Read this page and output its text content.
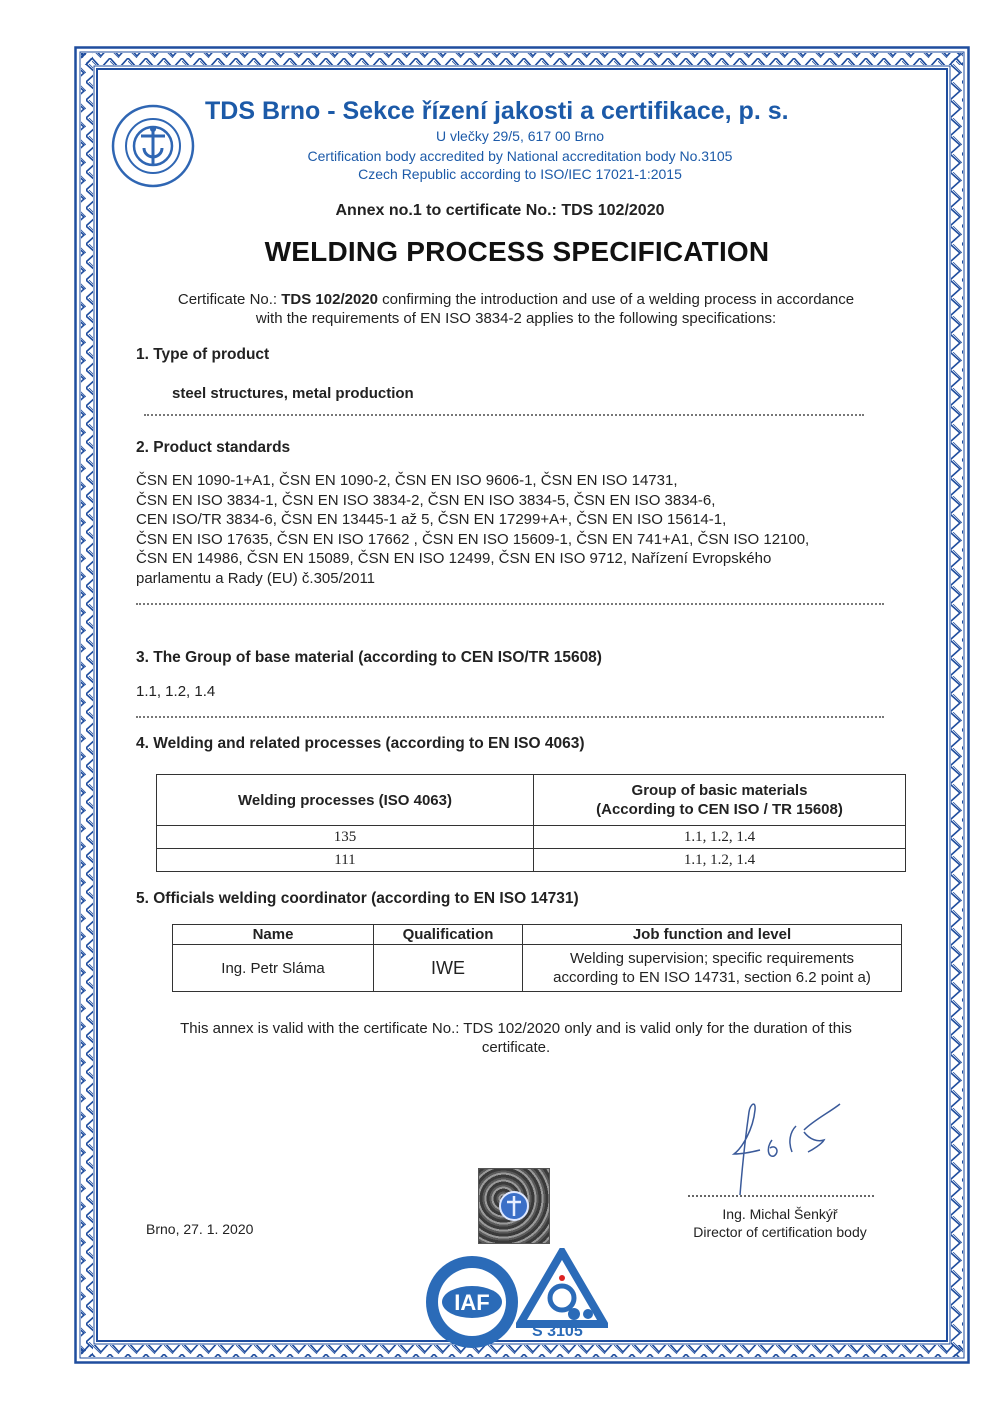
TDS Brno - Sekce řízení jakosti a certifikace, p. s.
U vlečky 29/5, 617 00 Brno
Certification body accredited by National accreditation body No.3105
Czech Republic according to ISO/IEC 17021-1:2015
Annex no.1 to certificate No.: TDS 102/2020
WELDING PROCESS SPECIFICATION
Certificate No.: TDS 102/2020 confirming the introduction and use of a welding process in accordance
with the requirements of EN ISO 3834-2 applies to the following specifications:
1. Type of product
steel structures, metal production
2. Product standards
ČSN EN 1090-1+A1, ČSN EN 1090-2, ČSN EN ISO 9606-1, ČSN EN ISO 14731,
ČSN EN ISO 3834-1, ČSN EN ISO 3834-2, ČSN EN ISO 3834-5, ČSN EN ISO 3834-6,
CEN ISO/TR 3834-6, ČSN EN 13445-1 až 5, ČSN EN 17299+A+, ČSN EN ISO 15614-1,
ČSN EN ISO 17635, ČSN EN ISO 17662 , ČSN EN ISO 15609-1, ČSN EN 741+A1, ČSN ISO 12100,
ČSN EN 14986, ČSN EN 15089, ČSN EN ISO 12499, ČSN EN ISO 9712, Nařízení Evropského
parlamentu a Rady (EU) č.305/2011
3. The Group of base material (according to CEN ISO/TR 15608)
1.1, 1.2, 1.4
4. Welding and related processes (according to EN ISO 4063)
Welding processes (ISO 4063)	Group of basic materials
(According to CEN ISO / TR 15608)
135	1.1, 1.2, 1.4
111	1.1, 1.2, 1.4
5. Officials welding coordinator (according to EN ISO 14731)
Name	Qualification	Job function and level
Ing. Petr Sláma	IWE	Welding supervision; specific requirements
according to EN ISO 14731, section 6.2 point a)
This annex is valid with the certificate No.: TDS 102/2020 only and is valid only for the duration of this
certificate.
Ing. Michal Šenkýř
Director of certification body
Brno, 27. 1. 2020
IAF
S 3105
